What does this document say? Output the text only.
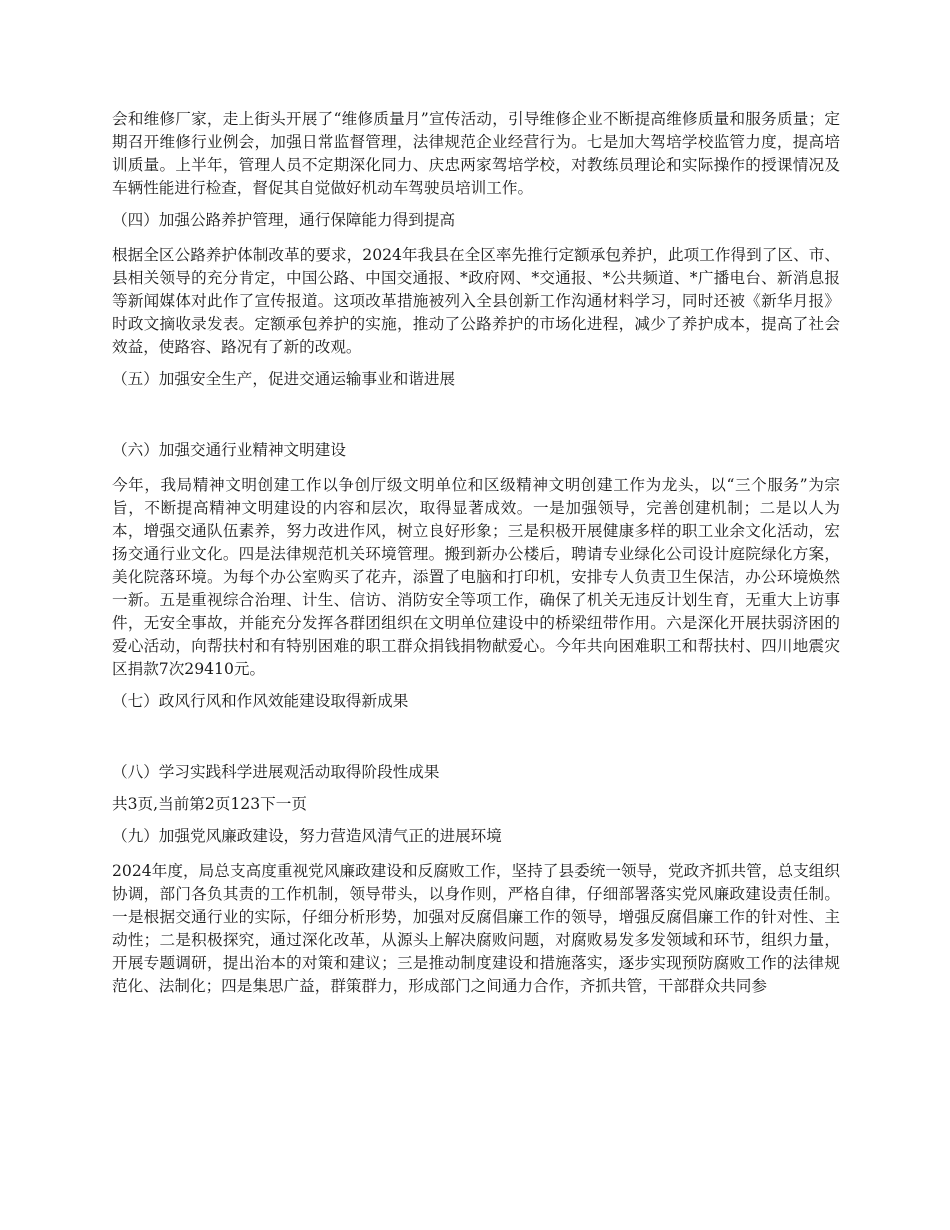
会和维修厂家，走上街头开展了“维修质量月”宣传活动，引导维修企业不断提高维修质量和服务质量；定期召开维修行业例会，加强日常监督管理，法律规范企业经营行为。七是加大驾培学校监管力度，提高培训质量。上半年，管理人员不定期深化同力、庆忠两家驾培学校，对教练员理论和实际操作的授课情况及车辆性能进行检查，督促其自觉做好机动车驾驶员培训工作。

（四）加强公路养护管理，通行保障能力得到提高

根据全区公路养护体制改革的要求，2024年我县在全区率先推行定额承包养护，此项工作得到了区、市、县相关领导的充分肯定，中国公路、中国交通报、*政府网、*交通报、*公共频道、*广播电台、新消息报等新闻媒体对此作了宣传报道。这项改革措施被列入全县创新工作沟通材料学习，同时还被《新华月报》时政文摘收录发表。定额承包养护的实施，推动了公路养护的市场化进程，减少了养护成本，提高了社会效益，使路容、路况有了新的改观。

（五）加强安全生产，促进交通运输事业和谐进展

（六）加强交通行业精神文明建设

今年，我局精神文明创建工作以争创厅级文明单位和区级精神文明创建工作为龙头，以“三个服务”为宗旨，不断提高精神文明建设的内容和层次，取得显著成效。一是加强领导，完善创建机制；二是以人为本，增强交通队伍素养，努力改进作风，树立良好形象；三是积极开展健康多样的职工业余文化活动，宏扬交通行业文化。四是法律规范机关环境管理。搬到新办公楼后，聘请专业绿化公司设计庭院绿化方案，美化院落环境。为每个办公室购买了花卉，添置了电脑和打印机，安排专人负责卫生保洁，办公环境焕然一新。五是重视综合治理、计生、信访、消防安全等项工作，确保了机关无违反计划生育，无重大上访事件，无安全事故，并能充分发挥各群团组织在文明单位建设中的桥梁纽带作用。六是深化开展扶弱济困的爱心活动，向帮扶村和有特别困难的职工群众捐钱捐物献爱心。今年共向困难职工和帮扶村、四川地震灾区捐款7次29410元。

（七）政风行风和作风效能建设取得新成果

（八）学习实践科学进展观活动取得阶段性成果

共3页,当前第2页123下一页

（九）加强党风廉政建设，努力营造风清气正的进展环境

2024年度，局总支高度重视党风廉政建设和反腐败工作，坚持了县委统一领导，党政齐抓共管，总支组织协调，部门各负其责的工作机制，领导带头，以身作则，严格自律，仔细部署落实党风廉政建设责任制。一是根据交通行业的实际，仔细分析形势，加强对反腐倡廉工作的领导，增强反腐倡廉工作的针对性、主动性；二是积极探究，通过深化改革，从源头上解决腐败问题，对腐败易发多发领域和环节，组织力量，开展专题调研，提出治本的对策和建议；三是推动制度建设和措施落实，逐步实现预防腐败工作的法律规范化、法制化；四是集思广益，群策群力，形成部门之间通力合作，齐抓共管，干部群众共同参
